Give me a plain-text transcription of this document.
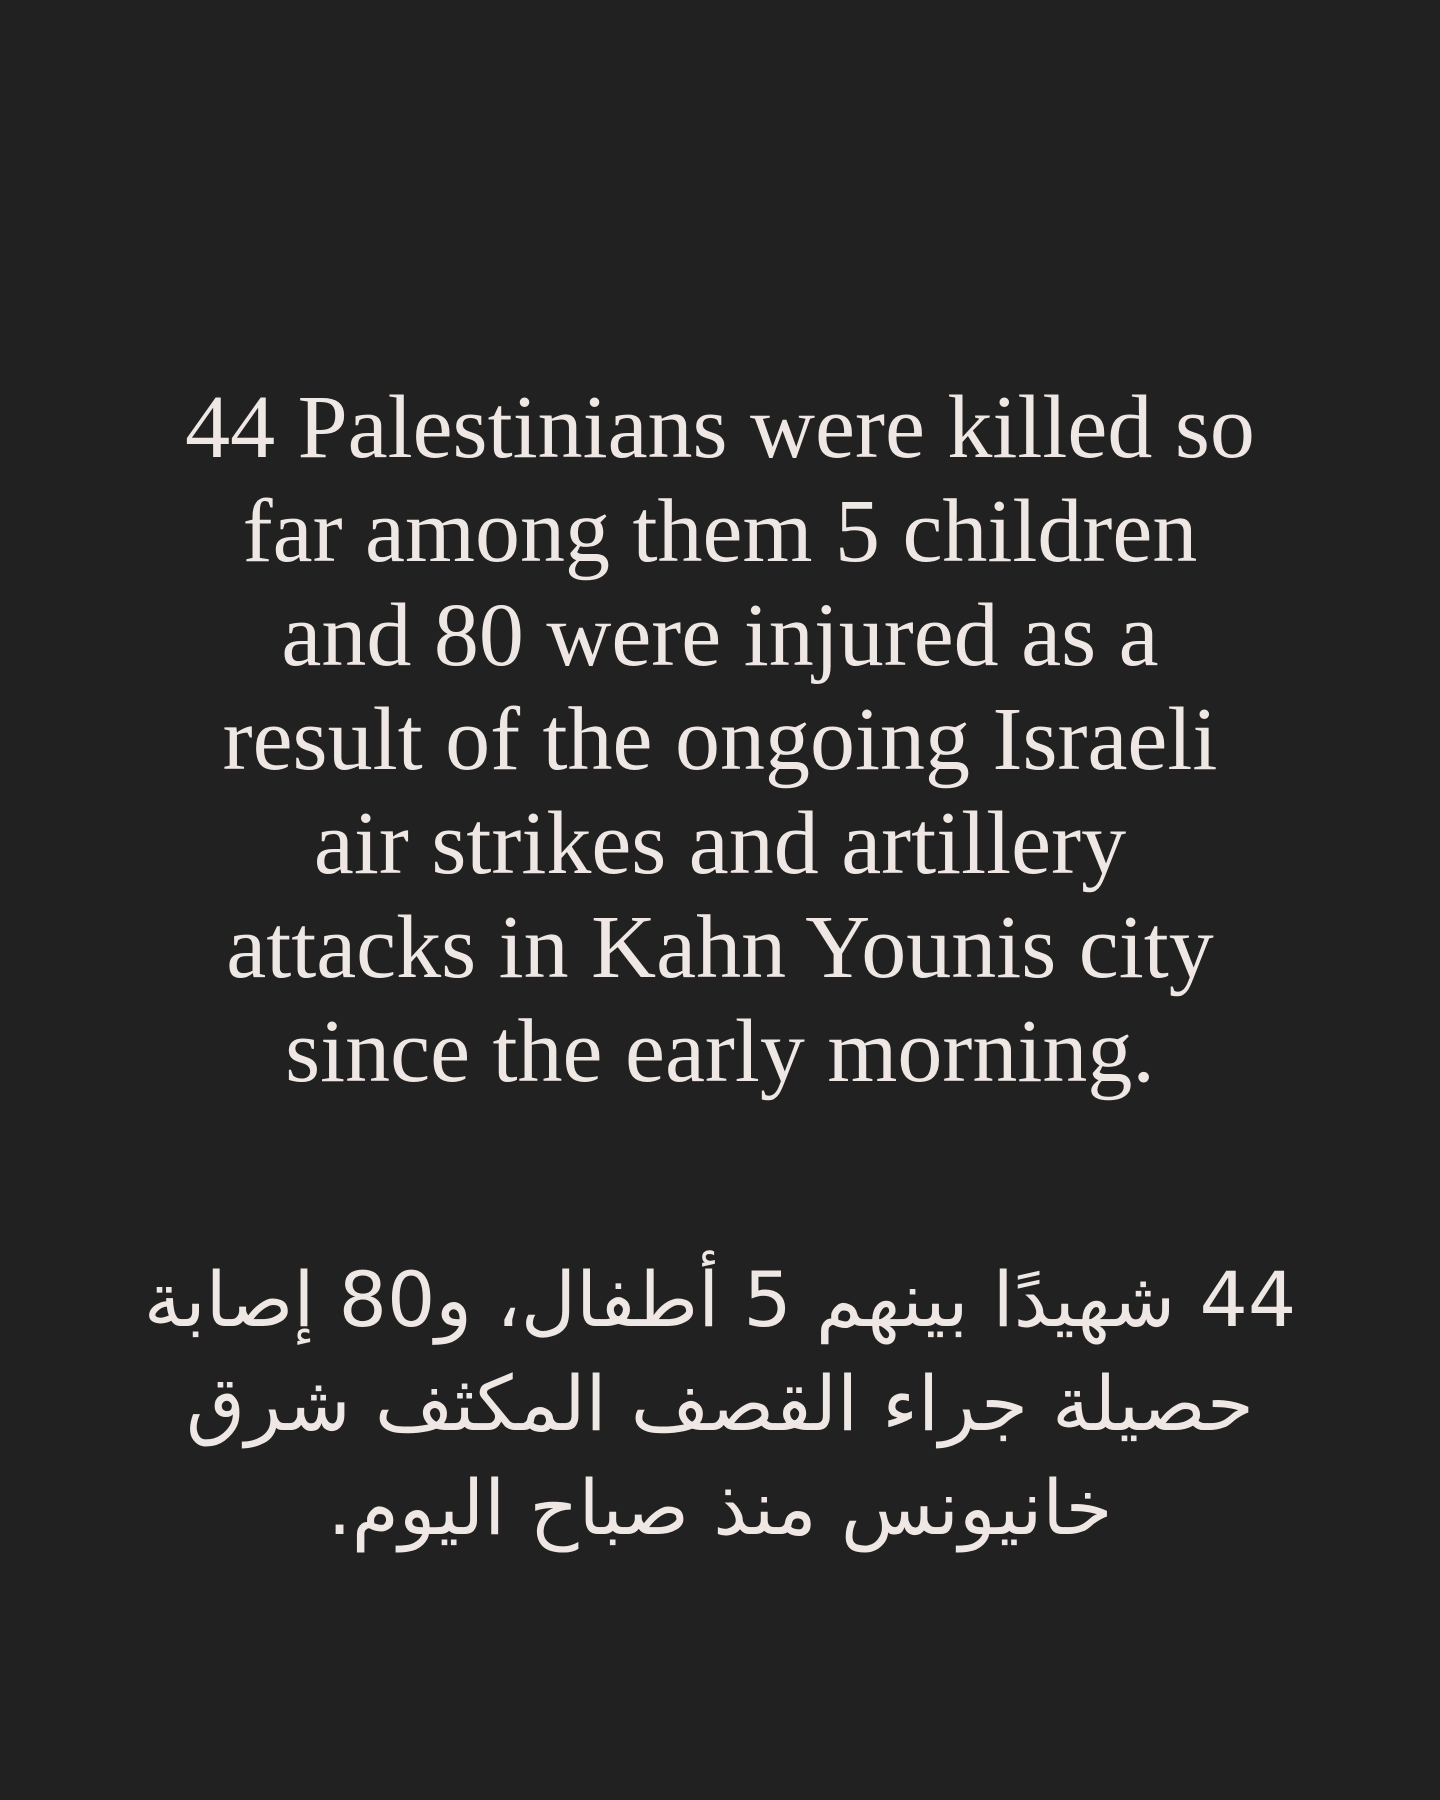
44 Palestinians were killed so
far among them 5 children
and 80 were injured as a
result of the ongoing Israeli
air strikes and artillery
attacks in Kahn Younis city
since the early morning.
44 شهيدًا بينهم 5 أطفال، و80 إصابة
حصيلة جراء القصف المكثف شرق
خانيونس منذ صباح اليوم.
